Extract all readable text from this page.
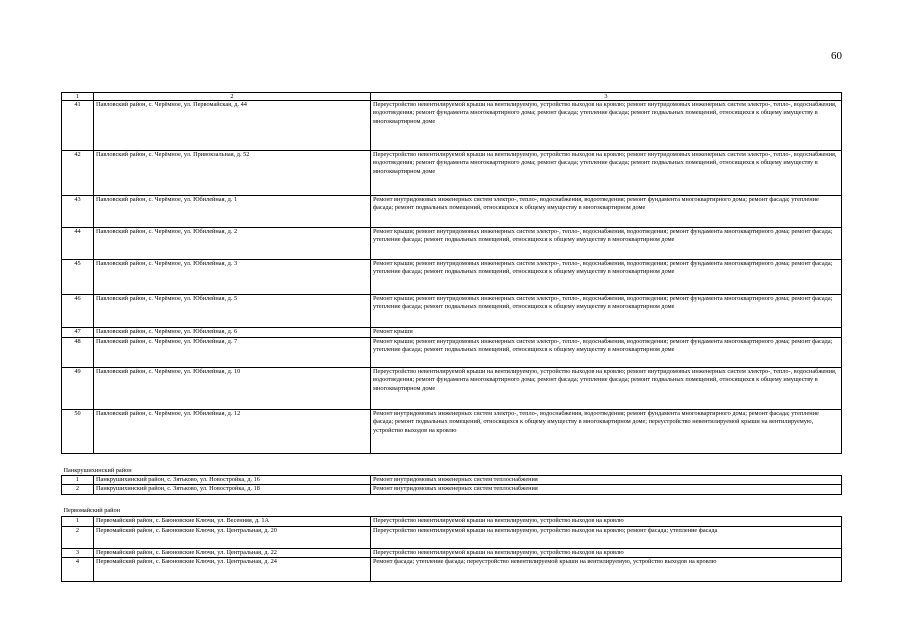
60
1	2	3
41	Павловский район, с. Черёмное, ул. Первомайская, д. 44	Переустройство невентилируемой крыши на вентилируемую, устройство выходов на кровлю; ремонт внутридомовых инженерных систем электро-, тепло-, водоснабжения, водоотведения; ремонт фундамента многоквартирного дома; ремонт фасада; утепление фасада; ремонт подвальных помещений, относящихся к общему имуществу в многоквартирном доме
42	Павловский район, с. Черёмное, ул. Привокзальная, д. 52	Переустройство невентилируемой крыши на вентилируемую, устройство выходов на кровлю; ремонт внутридомовых инженерных систем электро-, тепло-, водоснабжения, водоотведения; ремонт фундамента многоквартирного дома; ремонт фасада; утепление фасада; ремонт подвальных помещений, относящихся к общему имуществу в многоквартирном доме
43	Павловский район, с. Черёмное, ул. Юбилейная, д. 1	Ремонт внутридомовых инженерных систем электро-, тепло-, водоснабжения, водоотведения; ремонт фундамента многоквартирного дома; ремонт фасада; утепление фасада; ремонт подвальных помещений, относящихся к общему имуществу в многоквартирном доме
44	Павловский район, с. Черёмное, ул. Юбилейная, д. 2	Ремонт крыши; ремонт внутридомовых инженерных систем электро-, тепло-, водоснабжения, водоотведения; ремонт фундамента многоквартирного дома; ремонт фасада; утепление фасада; ремонт подвальных помещений, относящихся к общему имуществу в многоквартирном доме
45	Павловский район, с. Черёмное, ул. Юбилейная, д. 3	Ремонт крыши; ремонт внутридомовых инженерных систем электро-, тепло-, водоснабжения, водоотведения; ремонт фундамента многоквартирного дома; ремонт фасада; утепление фасада; ремонт подвальных помещений, относящихся к общему имуществу в многоквартирном доме
46	Павловский район, с. Черёмное, ул. Юбилейная, д. 5	Ремонт крыши; ремонт внутридомовых инженерных систем электро-, тепло-, водоснабжения, водоотведения; ремонт фундамента многоквартирного дома; ремонт фасада; утепление фасада; ремонт подвальных помещений, относящихся к общему имуществу в многоквартирном доме
47	Павловский район, с. Черёмное, ул. Юбилейная, д. 6	Ремонт крыши
48	Павловский район, с. Черёмное, ул. Юбилейная, д. 7	Ремонт крыши; ремонт внутридомовых инженерных систем электро-, тепло-, водоснабжения, водоотведения; ремонт фундамента многоквартирного дома; ремонт фасада; утепление фасада; ремонт подвальных помещений, относящихся к общему имуществу в многоквартирном доме
49	Павловский район, с. Черёмное, ул. Юбилейная, д. 10	Переустройство невентилируемой крыши на вентилируемую, устройство выходов на кровлю; ремонт внутридомовых инженерных систем электро-, тепло-, водоснабжения, водоотведения; ремонт фундамента многоквартирного дома; ремонт фасада; утепление фасада; ремонт подвальных помещений, относящихся к общему имуществу в многоквартирном доме
50	Павловский район, с. Черёмное, ул. Юбилейная, д. 12	Ремонт внутридомовых инженерных систем электро-, тепло-, водоснабжения, водоотведения; ремонт фундамента многоквартирного дома; ремонт фасада; утепление фасада; ремонт подвальных помещений, относящихся к общему имуществу в многоквартирном доме; переустройство невентилируемой крыши на вентилируемую, устройство выходов на кровлю
Панкрушихинский район		
1	Панкрушихинский район, с. Зятьково, ул. Новостройка, д. 16	Ремонт внутридомовых инженерных систем теплоснабжения
2	Панкрушихинский район, с. Зятьково, ул. Новостройка, д. 18	Ремонт внутридомовых инженерных систем теплоснабжения
Первомайский район		
1	Первомайский район, с. Баюновские Ключи, ул. Весенняя, д. 1А	Переустройство невентилируемой крыши на вентилируемую, устройство выходов на кровлю
2	Первомайский район, с. Баюновские Ключи, ул. Центральная, д. 20	Переустройство невентилируемой крыши на вентилируемую, устройство выходов на кровлю; ремонт фасада; утепление фасада
3	Первомайский район, с. Баюновские Ключи, ул. Центральная, д. 22	Переустройство невентилируемой крыши на вентилируемую, устройство выходов на кровлю
4	Первомайский район, с. Баюновские Ключи, ул. Центральная, д. 24	Ремонт фасада; утепление фасада; переустройство невентилируемой крыши на вентилируемую, устройство выходов на кровлю
